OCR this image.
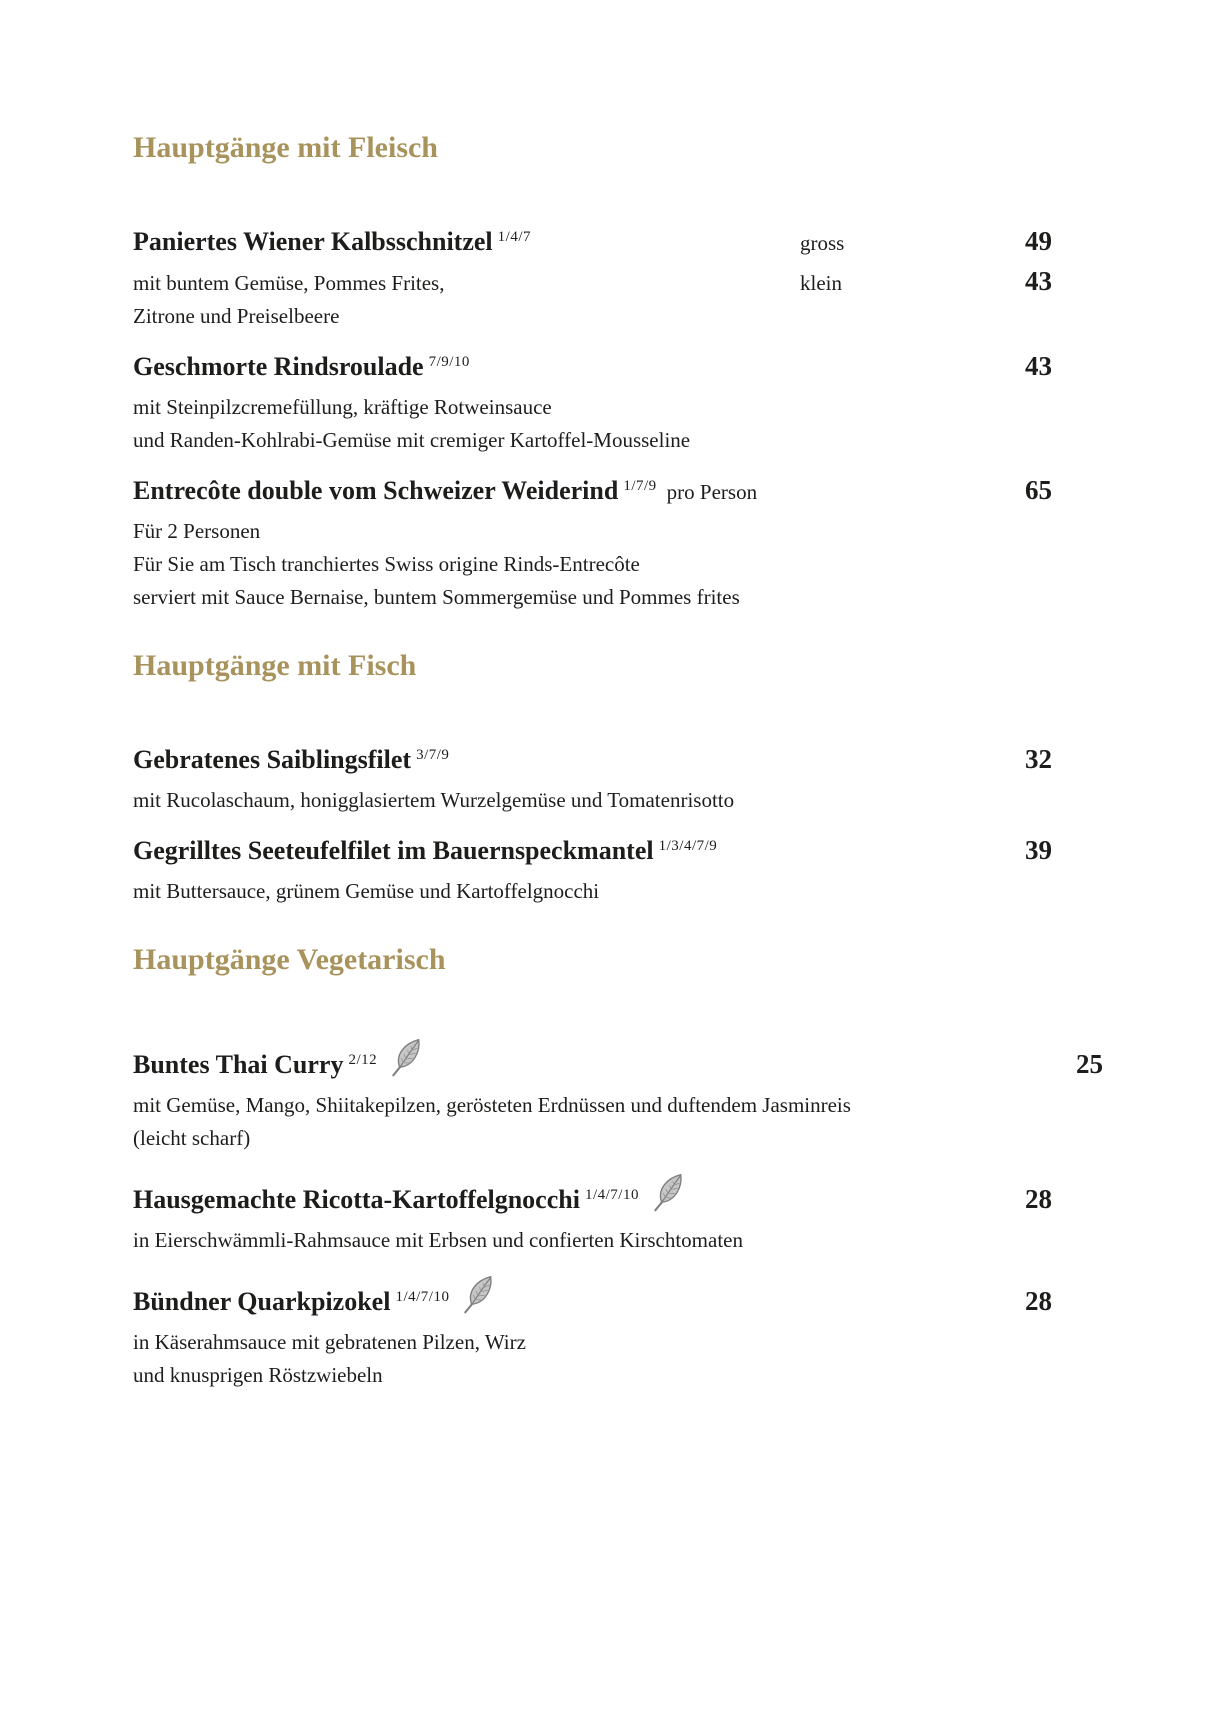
Hauptgänge mit Fleisch
Paniertes Wiener Kalbsschnitzel $^{1/4/7}$
mit buntem Gemüse, Pommes Frites,
Zitrone und Preiselbeere
gross	49
klein	43
Geschmorte Rindsroulade $^{7/9/10}$
mit Steinpilzcremefüllung, kräftige Rotweinsauce
und Randen-Kohlrabi-Gemüse mit cremiger Kartoffel-Mousseline
43
Entrecôte double vom Schweizer Weiderind $^{1/7/9}$ pro Person
Für 2 Personen
Für Sie am Tisch tranchiertes Swiss origine Rinds-Entrecôte
serviert mit Sauce Bernaise, buntem Sommergemüse und Pommes frites
65
Hauptgänge mit Fisch
Gebratenes Saiblingsfilet $^{3/7/9}$
mit Rucolaschaum, honigglasiertem Wurzelgemüse und Tomatenrisotto
32
Gegrilltes Seeteufelfilet im Bauernspeckmantel $^{1/3/4/7/9}$
mit Buttersauce, grünem Gemüse und Kartoffelgnocchi
39
Hauptgänge Vegetarisch
Buntes Thai Curry $^{2/12}$
mit Gemüse, Mango, Shiitakepilzen, gerösteten Erdnüssen und duftendem Jasminreis
(leicht scharf)
25
Hausgemachte Ricotta-Kartoffelgnocchi $^{1/4/7/10}$
in Eierschwämmli-Rahmsauce mit Erbsen und confierten Kirschtomaten
28
Bündner Quarkpizokel $^{1/4/7/10}$
in Käserahmsauce mit gebratenen Pilzen, Wirz
und knusprigen Röstzwiebeln
28
